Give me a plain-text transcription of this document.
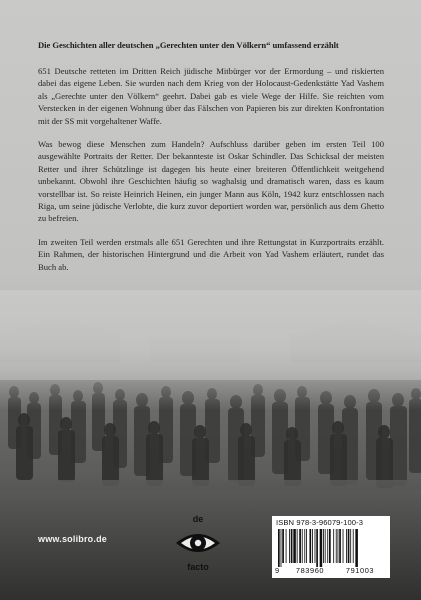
Die Geschichten aller deutschen „Gerechten unter den Völkern“ umfassend erzählt

651 Deutsche retteten im Dritten Reich jüdische Mitbürger vor der Ermordung – und riskierten dabei das eigene Leben. Sie wurden nach dem Krieg von der Holocaust-Gedenkstätte Yad Vashem als „Gerechte unter den Völkern“ geehrt. Dabei gab es viele Wege der Hilfe. Sie reichten vom Verstecken in der eigenen Wohnung über das Fälschen von Papieren bis zur direkten Konfrontation mit der SS mit vorgehaltener Waffe.

Was bewog diese Menschen zum Handeln? Aufschluss darüber geben im ersten Teil 100 ausgewählte Portraits der Retter. Der bekannteste ist Oskar Schindler. Das Schicksal der meisten Retter und ihrer Schützlinge ist dagegen bis heute einer breiteren Öffentlichkeit weitgehend unbekannt. Obwohl ihre Geschichten häufig so waghalsig und dramatisch waren, dass es kaum vorstellbar ist. So reiste Heinrich Heinen, ein junger Mann aus Köln, 1942 kurz entschlossen nach Riga, um seine jüdische Verlobte, die kurz zuvor deportiert worden war, persönlich aus dem Ghetto zu befreien.

Im zweiten Teil werden erstmals alle 651 Gerechten und ihre Rettungstat in Kurzportraits erzählt. Ein Rahmen, der historischen Hintergrund und die Arbeit von Yad Vashem erläutert, rundet das Buch ab.

www.solibro.de
de
facto
ISBN 978-3-96079-100-3
9 783960	791003
